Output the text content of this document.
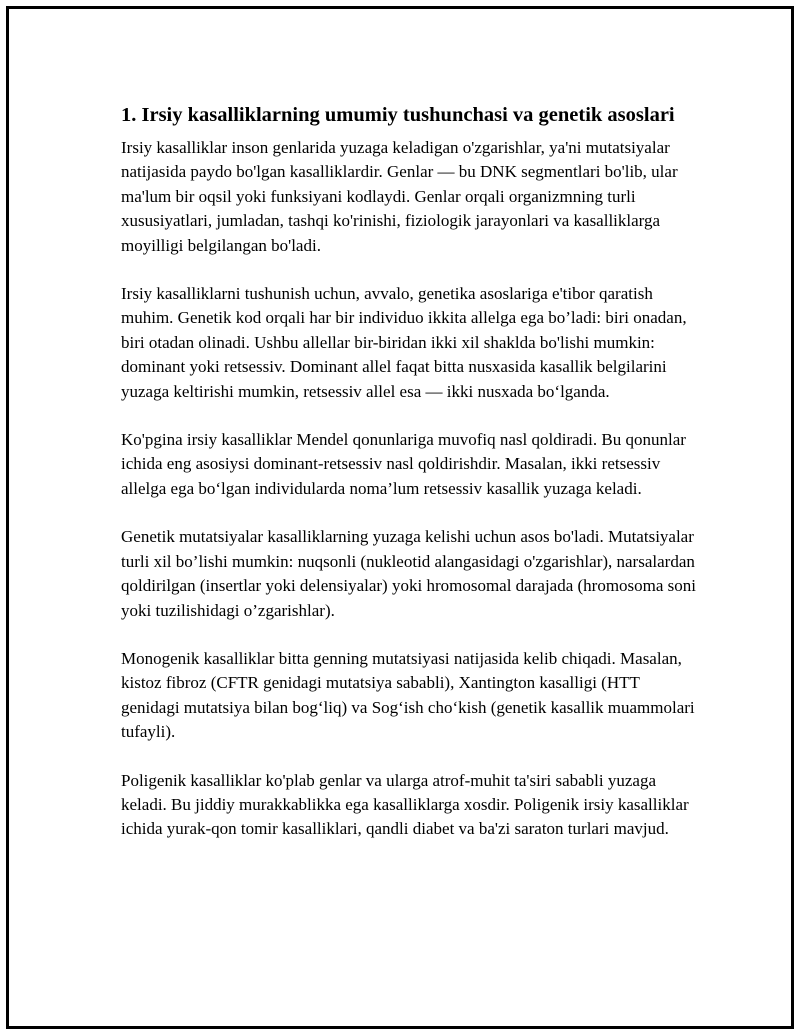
1. Irsiy kasalliklarning umumiy tushunchasi va genetik asoslari

Irsiy kasalliklar inson genlarida yuzaga keladigan o'zgarishlar, ya'ni mutatsiyalar natijasida paydo bo'lgan kasalliklardir. Genlar — bu DNK segmentlari bo'lib, ular ma'lum bir oqsil yoki funksiyani kodlaydi. Genlar orqali organizmning turli xususiyatlari, jumladan, tashqi ko'rinishi, fiziologik jarayonlari va kasalliklarga moyilligi belgilangan bo'ladi.

Irsiy kasalliklarni tushunish uchun, avvalo, genetika asoslariga e'tibor qaratish muhim. Genetik kod orqali har bir individuo ikkita allelga ega bo’ladi: biri onadan, biri otadan olinadi. Ushbu allellar bir-biridan ikki xil shaklda bo'lishi mumkin: dominant yoki retsessiv. Dominant allel faqat bitta nusxasida kasallik belgilarini yuzaga keltirishi mumkin, retsessiv allel esa — ikki nusxada bo‘lganda.

Ko'pgina irsiy kasalliklar Mendel qonunlariga muvofiq nasl qoldiradi. Bu qonunlar ichida eng asosiysi dominant-retsessiv nasl qoldirishdir. Masalan, ikki retsessiv allelga ega bo‘lgan individularda noma’lum retsessiv kasallik yuzaga keladi.

Genetik mutatsiyalar kasalliklarning yuzaga kelishi uchun asos bo'ladi. Mutatsiyalar turli xil bo’lishi mumkin: nuqsonli (nukleotid alangasidagi o'zgarishlar), narsalardan qoldirilgan (insertlar yoki delensiyalar) yoki hromosomal darajada (hromosoma soni yoki tuzilishidagi o’zgarishlar).

Monogenik kasalliklar bitta genning mutatsiyasi natijasida kelib chiqadi. Masalan, kistoz fibroz (CFTR genidagi mutatsiya sababli), Xantington kasalligi (HTT genidagi mutatsiya bilan bog‘liq) va Sog‘ish cho‘kish (genetik kasallik muammolari tufayli).

Poligenik kasalliklar ko'plab genlar va ularga atrof-muhit ta'siri sababli yuzaga keladi. Bu jiddiy murakkablikka ega kasalliklarga xosdir. Poligenik irsiy kasalliklar ichida yurak-qon tomir kasalliklari, qandli diabet va ba'zi saraton turlari mavjud.
